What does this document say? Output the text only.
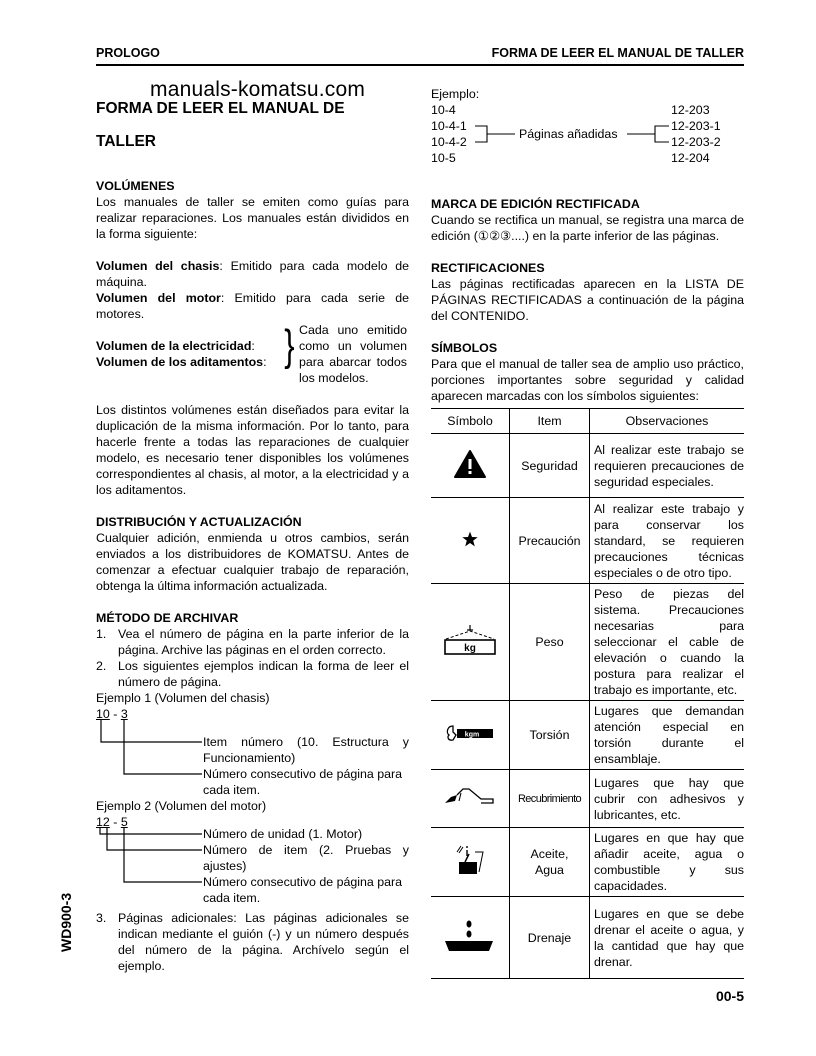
PROLOGO	FORMA DE LEER EL MANUAL DE TALLER
manuals-komatsu.com
FORMA DE LEER EL MANUAL DE
TALLER
VOLÚMENES

Los manuales de taller se emiten como guías para realizar reparaciones. Los manuales están divididos en la forma siguiente:

Volumen del chasis: Emitido para cada modelo de máquina.

Volumen del motor: Emitido para cada serie de motores.

Volumen de la electricidad:
Volumen de los aditamentos: } Cada uno emitido como un volumen para abarcar todos los modelos.

Los distintos volúmenes están diseñados para evitar la duplicación de la misma información. Por lo tanto, para hacerle frente a todas las reparaciones de cualquier modelo, es necesario tener disponibles los volúmenes correspondientes al chasis, al motor, a la electricidad y a los aditamentos.

DISTRIBUCIÓN Y ACTUALIZACIÓN

Cualquier adición, enmienda u otros cambios, serán enviados a los distribuidores de KOMATSU. Antes de comenzar a efectuar cualquier trabajo de reparación, obtenga la última información actualizada.

MÉTODO DE ARCHIVAR
1. Vea el número de página en la parte inferior de la página. Archive las páginas en el orden correcto.
2. Los siguientes ejemplos indican la forma de leer el número de página.
Ejemplo 1 (Volumen del chasis)
10 - 3
Item número (10. Estructura y Funcionamiento)
Número consecutivo de página para cada item.
Ejemplo 2 (Volumen del motor)
12 - 5
Número de unidad (1. Motor)
Número de item (2. Pruebas y ajustes)
Número consecutivo de página para cada item.
3. Páginas adicionales: Las páginas adicionales se indican mediante el guión (-) y un número después del número de la página. Archívelo según el ejemplo.
Ejemplo:
10-4
10-4-1
10-4-2
10-5
12-203
12-203-1
12-203-2
12-204
Páginas añadidas
MARCA DE EDICIÓN RECTIFICADA

Cuando se rectifica un manual, se registra una marca de edición (①②③....) en la parte inferior de las páginas.

RECTIFICACIONES

Las páginas rectificadas aparecen en la LISTA DE PÁGINAS RECTIFICADAS a continuación de la página del CONTENIDO.

SÍMBOLOS

Para que el manual de taller sea de amplio uso práctico, porciones importantes sobre seguridad y calidad aparecen marcadas con los símbolos siguientes:

Símbolo	Item	Observaciones
	Seguridad	Al realizar este trabajo se requieren precauciones de seguridad especiales.
	Precaución	Al realizar este trabajo y para conservar los standard, se requieren precauciones técnicas especiales o de otro tipo.

kg	Peso	Peso de piezas del sistema. Precauciones necesarias para seleccionar el cable de elevación o cuando la postura para realizar el trabajo es importante, etc.

kgm	Torsión	Lugares que demandan atención especial en torsión durante el ensamblaje.
	Recubrimiento	Lugares que hay que cubrir con adhesivos y lubricantes, etc.
	Aceite, Agua	Lugares en que hay que añadir aceite, agua o combustible y sus capacidades.
	Drenaje	Lugares en que se debe drenar el aceite o agua, y la cantidad que hay que drenar.
WD900-3
00-5
